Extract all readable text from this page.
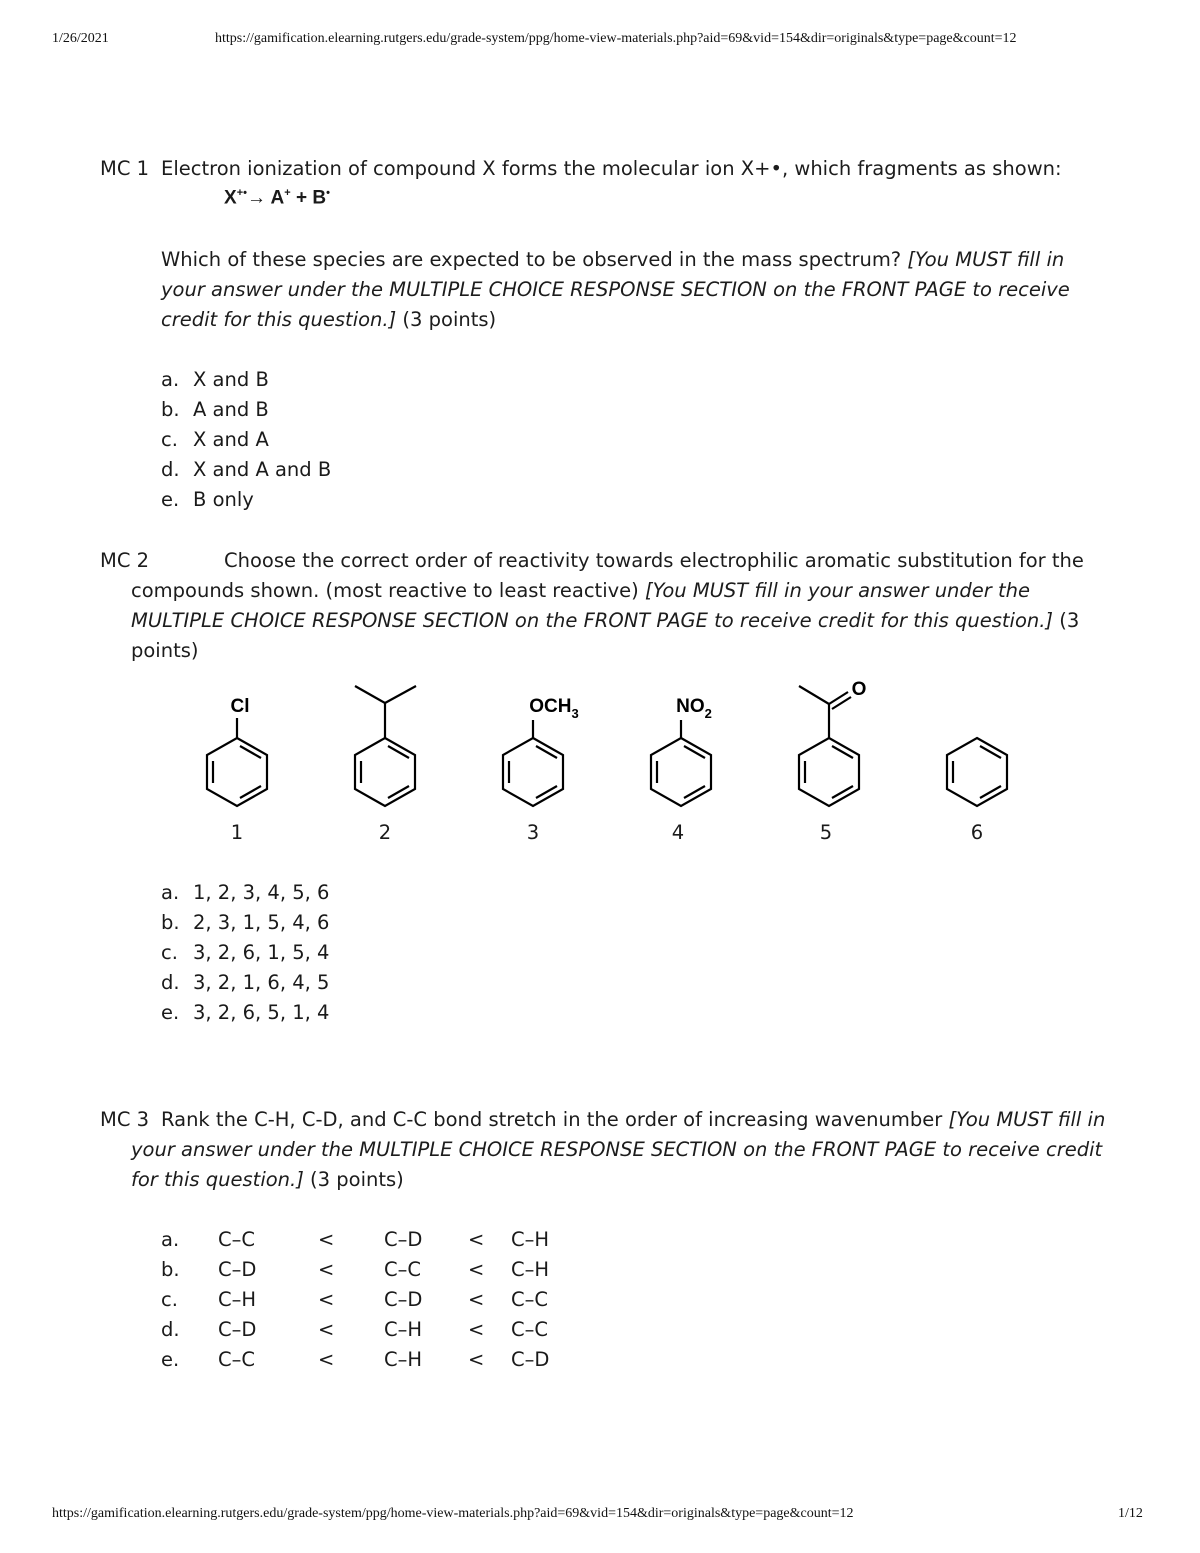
1/26/2021	https://gamification.elearning.rutgers.edu/grade-system/ppg/home-view-materials.php?aid=69&vid=154&dir=originals&type=page&count=12
MC 1 Electron ionization of compound X forms the molecular ion X+•, which fragments as shown:
X+•→ A+ + B•
Which of these species are expected to be observed in the mass spectrum? [You MUST fill in your answer under the MULTIPLE CHOICE RESPONSE SECTION on the FRONT PAGE to receive credit for this question.] (3 points)
a. X and B
b. A and B
c. X and A
d. X and A and B
e. B only
MC 2	Choose the correct order of reactivity towards electrophilic aromatic substitution for the compounds shown. (most reactive to least reactive) [You MUST fill in your answer under the MULTIPLE CHOICE RESPONSE SECTION on the FRONT PAGE to receive credit for this question.] (3 points)
Cl	$OCH_3$	$NO_2$
O
1	2	3	4	5	6
a. 1, 2, 3, 4, 5, 6
b. 2, 3, 1, 5, 4, 6
c. 3, 2, 6, 1, 5, 4
d. 3, 2, 1, 6, 4, 5
e. 3, 2, 6, 5, 1, 4
MC 3 Rank the C-H, C-D, and C-C bond stretch in the order of increasing wavenumber [You MUST fill in your answer under the MULTIPLE CHOICE RESPONSE SECTION on the FRONT PAGE to receive credit for this question.] (3 points)
a. C–C	<	C–D < C–H
b. C–D	<	C–C < C–H
c. C–H	<	C–D < C–C
d. C–D	<	C–H < C–C
e. C–C	<	C–H < C–D
https://gamification.elearning.rutgers.edu/grade-system/ppg/home-view-materials.php?aid=69&vid=154&dir=originals&type=page&count=12	1/12
